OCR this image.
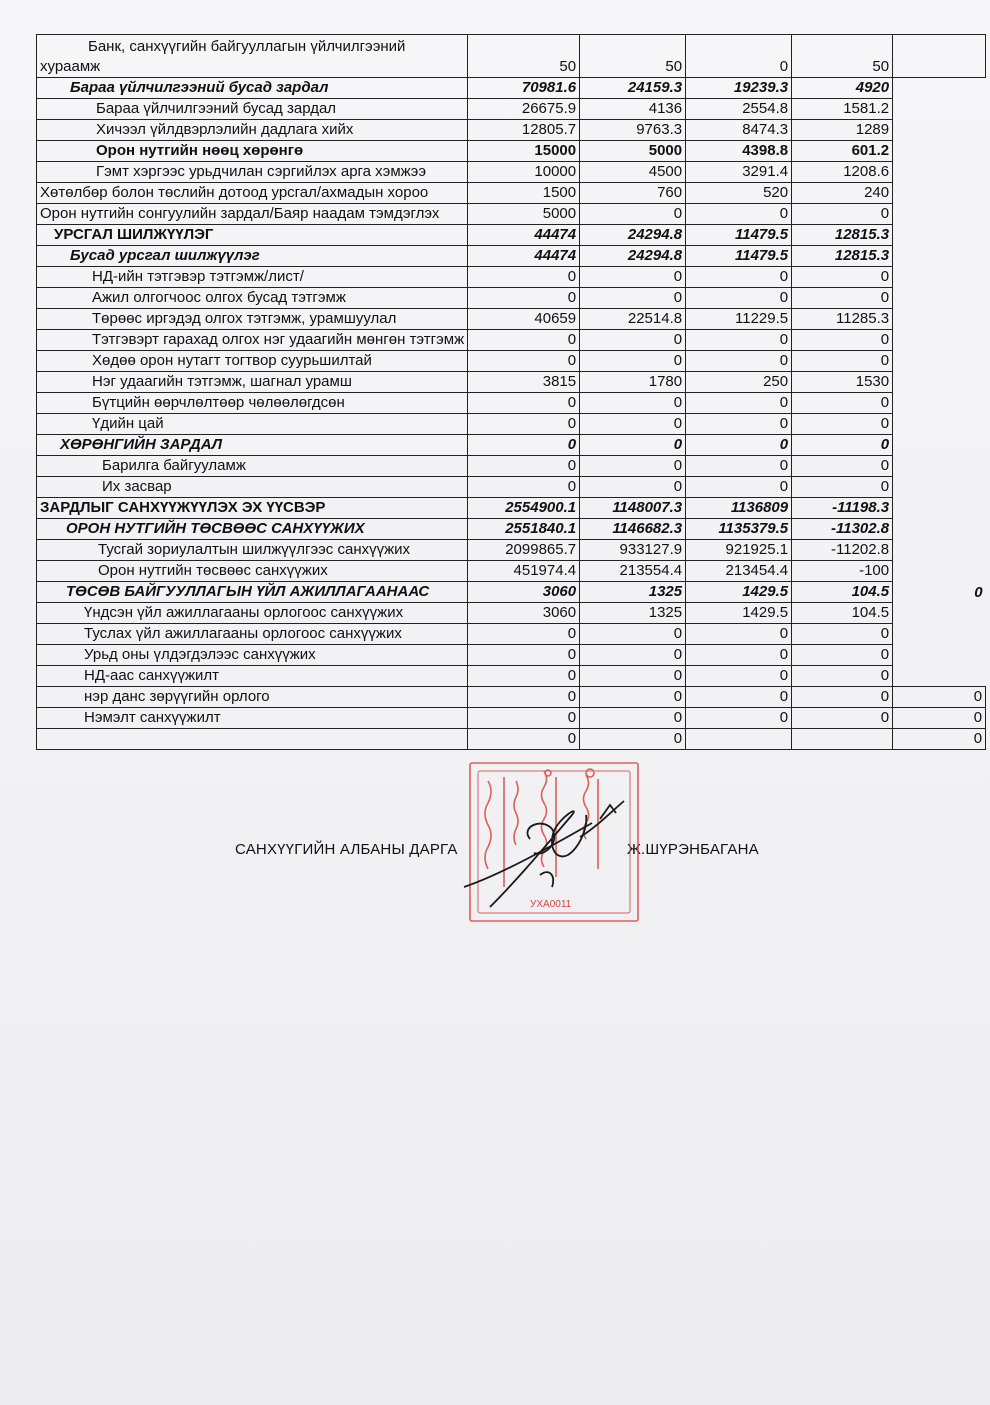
Банк, санхүүгийн байгууллагын үйлчилгээний
хураамж	50	50	0	50	
Бараа үйлчилгээний бусад зардал	70981.6	24159.3	19239.3	4920	
Бараа үйлчилгээний бусад зардал	26675.9	4136	2554.8	1581.2	
Хичээл үйлдвэрлэлийн дадлага хийх	12805.7	9763.3	8474.3	1289	
Орон нутгийн нөөц хөрөнгө	15000	5000	4398.8	601.2	
Гэмт хэргээс урьдчилан сэргийлэх арга хэмжээ	10000	4500	3291.4	1208.6	
Хөтөлбөр болон төслийн дотоод урсгал/ахмадын хороо	1500	760	520	240	
Орон нутгийн сонгуулийн зардал/Баяр наадам тэмдэглэх	5000	0	0	0	
УРСГАЛ ШИЛЖҮҮЛЭГ	44474	24294.8	11479.5	12815.3	
Бусад урсгал шилжүүлэг	44474	24294.8	11479.5	12815.3	
НД-ийн тэтгэвэр тэтгэмж/лист/	0	0	0	0	
Ажил олгогчоос олгох бусад тэтгэмж	0	0	0	0	
Төрөөс иргэдэд олгох тэтгэмж, урамшуулал	40659	22514.8	11229.5	11285.3	
Тэтгэвэрт гарахад олгох нэг удаагийн мөнгөн тэтгэмж	0	0	0	0	
Хөдөө орон нутагт тогтвор суурьшилтай	0	0	0	0	
Нэг удаагийн тэтгэмж, шагнал урамш	3815	1780	250	1530	
Бүтцийн өөрчлөлтөөр чөлөөлөгдсөн	0	0	0	0	
Үдийн цай	0	0	0	0	
ХӨРӨНГИЙН ЗАРДАЛ	0	0	0	0	
Барилга байгууламж	0	0	0	0	
Их засвар	0	0	0	0	
ЗАРДЛЫГ САНХҮҮЖҮҮЛЭХ ЭХ ҮҮСВЭР	2554900.1	1148007.3	1136809	-11198.3	
ОРОН НУТГИЙН ТӨСВӨӨС САНХҮҮЖИХ	2551840.1	1146682.3	1135379.5	-11302.8	
Тусгай зориулалтын шилжүүлгээс санхүүжих	2099865.7	933127.9	921925.1	-11202.8	
Орон нутгийн төсвөөс санхүүжих	451974.4	213554.4	213454.4	-100	
ТӨСӨВ БАЙГУУЛЛАГЫН ҮЙЛ АЖИЛЛАГААНААС	3060	1325	1429.5	104.5	0
Үндсэн үйл ажиллагааны орлогоос санхүүжих	3060	1325	1429.5	104.5	
Туслах үйл ажиллагааны орлогоос санхүүжих	0	0	0	0	
Урьд оны үлдэгдэлээс санхүүжих	0	0	0	0	
НД-аас санхүүжилт	0	0	0	0	
нэр данс зөрүүгийн орлого	0	0	0	0	0
Нэмэлт санхүүжилт	0	0	0	0	0
	0	0			0
САНХҮҮГИЙН АЛБАНЫ ДАРГА	Ж.ШҮРЭНБАГАНА
УХА0011
